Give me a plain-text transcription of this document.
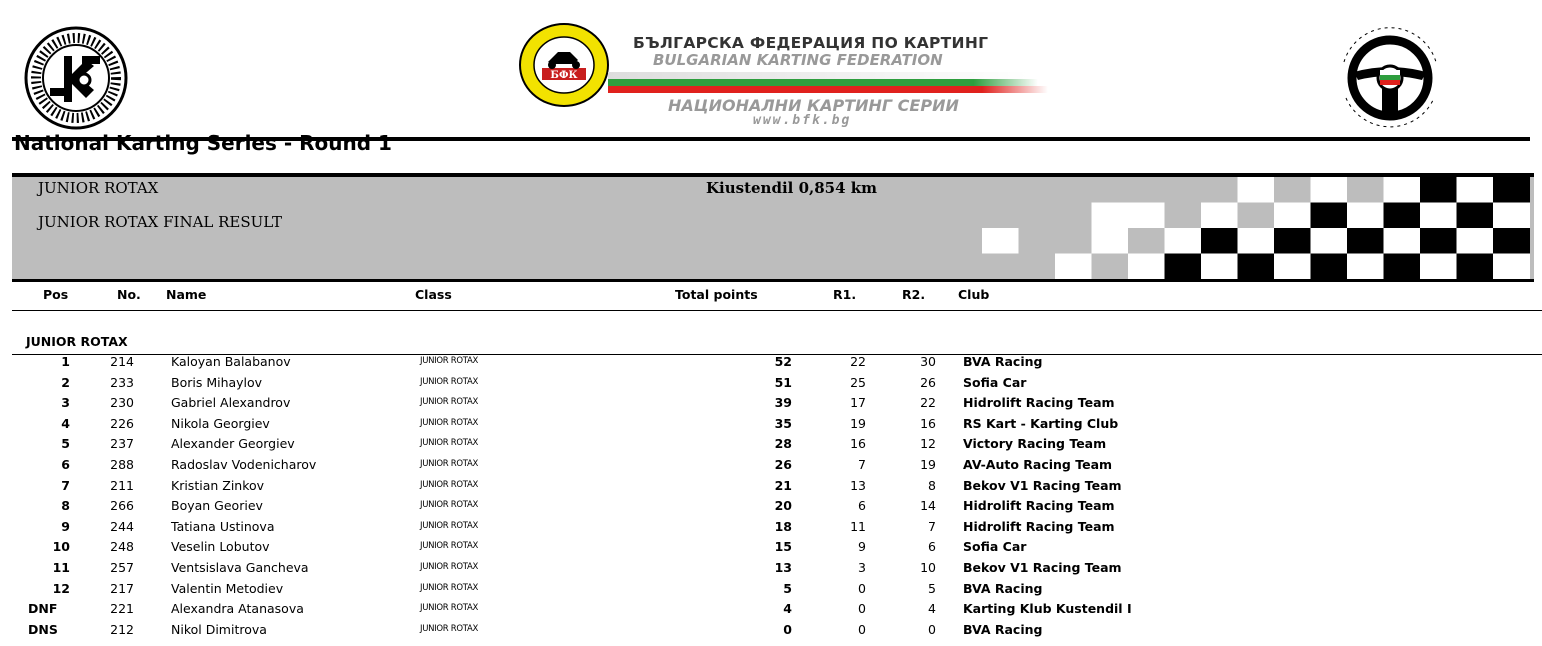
БФК
БЪЛГАРСКА ФЕДЕРАЦИЯ ПО КАРТИНГ
BULGARIAN KARTING FEDERATION
НАЦИОНАЛНИ КАРТИНГ СЕРИИ
www.bfk.bg
National Karting Series - Round 1
JUNIOR ROTAX	Kiustendil 0,854 km
JUNIOR ROTAX FINAL RESULT
Pos	No. Name	Class	Total points	R1.	R2.	Club
JUNIOR ROTAX
1	214	Kaloyan Balabanov	JUNIOR ROTAX	52	22	30 BVA Racing
2	233	Boris Mihaylov	JUNIOR ROTAX	51	25	26 Sofia Car
3	230	Gabriel Alexandrov	JUNIOR ROTAX	39	17	22 Hidrolift Racing Team
4	226	Nikola Georgiev	JUNIOR ROTAX	35	19	16 RS Kart - Karting Club
5	237	Alexander Georgiev	JUNIOR ROTAX	28	16	12 Victory Racing Team
6	288	Radoslav Vodenicharov	JUNIOR ROTAX	26	7	19 AV-Auto Racing Team
7	211	Kristian Zinkov	JUNIOR ROTAX	21	13	8 Bekov V1 Racing Team
8	266	Boyan Georiev	JUNIOR ROTAX	20	6	14 Hidrolift Racing Team
9	244	Tatiana Ustinova	JUNIOR ROTAX	18	11	7 Hidrolift Racing Team
10	248	Veselin Lobutov	JUNIOR ROTAX	15	9	6 Sofia Car
11	257	Ventsislava Gancheva	JUNIOR ROTAX	13	3	10 Bekov V1 Racing Team
12	217	Valentin Metodiev	JUNIOR ROTAX	5	0	5 BVA Racing
DNF	221	Alexandra Atanasova	JUNIOR ROTAX	4	0	4 Karting Klub Kustendil I
DNS	212	Nikol Dimitrova	JUNIOR ROTAX	0	0	0 BVA Racing
